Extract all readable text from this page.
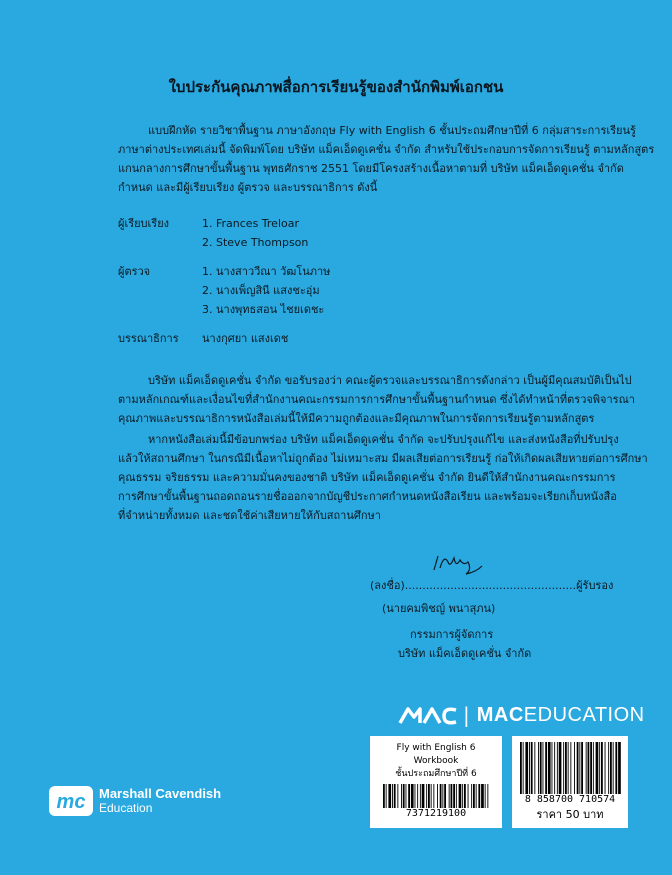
ใบประกันคุณภาพสื่อการเรียนรู้ของสำนักพิมพ์เอกชน
แบบฝึกหัด รายวิชาพื้นฐาน ภาษาอังกฤษ Fly with English 6 ชั้นประถมศึกษาปีที่ 6 กลุ่มสาระการเรียนรู้
ภาษาต่างประเทศเล่มนี้ จัดพิมพ์โดย บริษัท แม็คเอ็ดดูเคชั่น จำกัด สำหรับใช้ประกอบการจัดการเรียนรู้ ตามหลักสูตร
แกนกลางการศึกษาขั้นพื้นฐาน พุทธศักราช 2551 โดยมีโครงสร้างเนื้อหาตามที่ บริษัท แม็คเอ็ดดูเคชั่น จำกัด
กำหนด และมีผู้เรียบเรียง ผู้ตรวจ และบรรณาธิการ ดังนี้
ผู้เรียบเรียง	1. Frances Treloar
2. Steve Thompson
ผู้ตรวจ	1. นางสาววีณา วัฒโนภาษ
2. นางเพ็ญสินี แสงชะอุ่ม
3. นางพุทธสอน ไชยเดชะ
บรรณาธิการ	นางกุศยา แสงเดช
บริษัท แม็คเอ็ดดูเคชั่น จำกัด ขอรับรองว่า คณะผู้ตรวจและบรรณาธิการดังกล่าว เป็นผู้มีคุณสมบัติเป็นไป
ตามหลักเกณฑ์และเงื่อนไขที่สำนักงานคณะกรรมการการศึกษาขั้นพื้นฐานกำหนด ซึ่งได้ทำหน้าที่ตรวจพิจารณา
คุณภาพและบรรณาธิการหนังสือเล่มนี้ให้มีความถูกต้องและมีคุณภาพในการจัดการเรียนรู้ตามหลักสูตร
หากหนังสือเล่มนี้มีข้อบกพร่อง บริษัท แม็คเอ็ดดูเคชั่น จำกัด จะปรับปรุงแก้ไข และส่งหนังสือที่ปรับปรุง
แล้วให้สถานศึกษา ในกรณีมีเนื้อหาไม่ถูกต้อง ไม่เหมาะสม มีผลเสียต่อการเรียนรู้ ก่อให้เกิดผลเสียหายต่อการศึกษา
คุณธรรม จริยธรรม และความมั่นคงของชาติ บริษัท แม็คเอ็ดดูเคชั่น จำกัด ยินดีให้สำนักงานคณะกรรมการ
การศึกษาขั้นพื้นฐานถอดถอนรายชื่อออกจากบัญชีประกาศกำหนดหนังสือเรียน และพร้อมจะเรียกเก็บหนังสือ
ที่จำหน่ายทั้งหมด และชดใช้ค่าเสียหายให้กับสถานศึกษา
(ลงชื่อ).................................................ผู้รับรอง
(นายคมพิชญ์ พนาสุภน)
กรรมการผู้จัดการ
บริษัท แม็คเอ็ดดูเคชั่น จำกัด
| MACEDUCATION
Fly with English 6
Workbook
ชั้นประถมศึกษาปีที่ 6
7371219100
8 858700 710574
ราคา 50 บาท
mc Marshall Cavendish
Education
